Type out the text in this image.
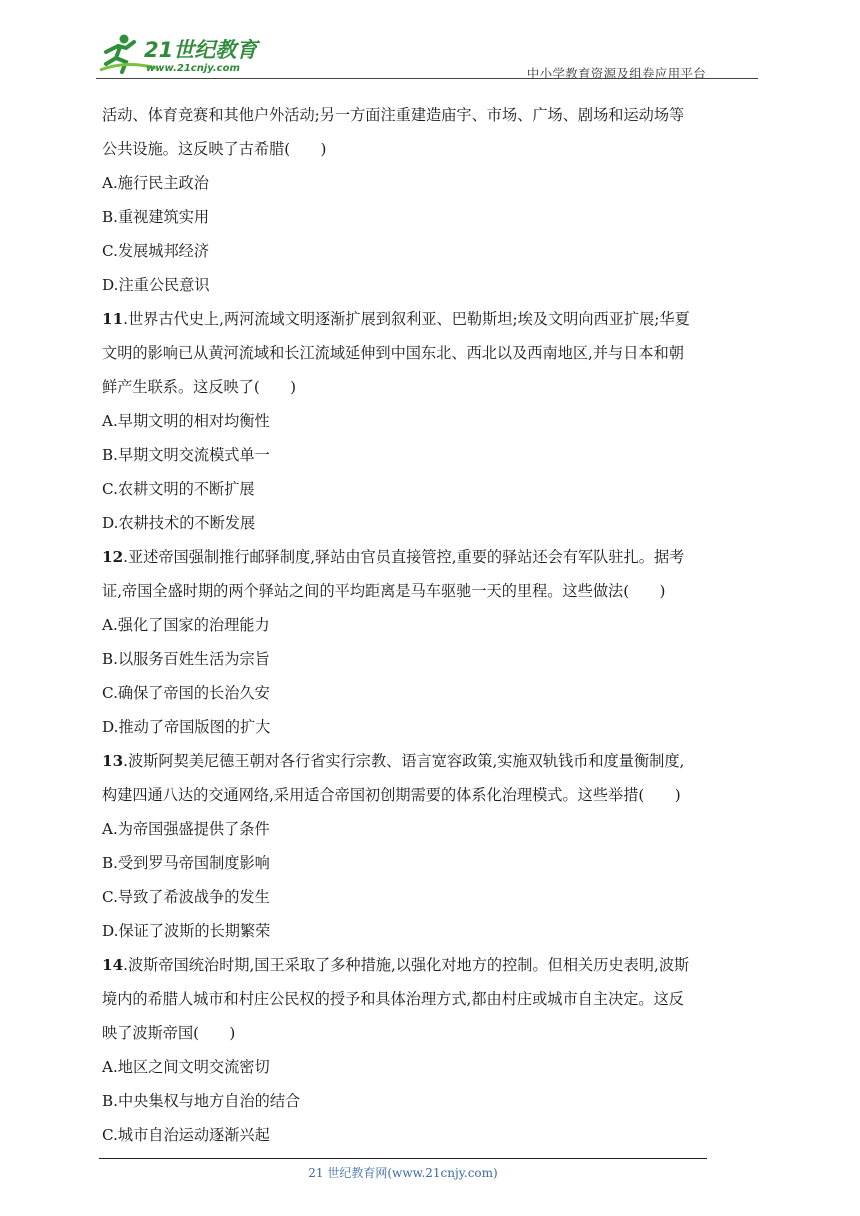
21世纪教育
www.21cnjy.com	中小学教育资源及组卷应用平台

活动、体育竞赛和其他户外活动;另一方面注重建造庙宇、市场、广场、剧场和运动场等

公共设施。这反映了古希腊(　　)

A.施行民主政治

B.重视建筑实用

C.发展城邦经济

D.注重公民意识

11.世界古代史上,两河流域文明逐渐扩展到叙利亚、巴勒斯坦;埃及文明向西亚扩展;华夏

文明的影响已从黄河流域和长江流域延伸到中国东北、西北以及西南地区,并与日本和朝

鲜产生联系。这反映了(　　)

A.早期文明的相对均衡性

B.早期文明交流模式单一

C.农耕文明的不断扩展

D.农耕技术的不断发展

12.亚述帝国强制推行邮驿制度,驿站由官员直接管控,重要的驿站还会有军队驻扎。据考

证,帝国全盛时期的两个驿站之间的平均距离是马车驱驰一天的里程。这些做法(　　)

A.强化了国家的治理能力

B.以服务百姓生活为宗旨

C.确保了帝国的长治久安

D.推动了帝国版图的扩大

13.波斯阿契美尼德王朝对各行省实行宗教、语言宽容政策,实施双轨钱币和度量衡制度,

构建四通八达的交通网络,采用适合帝国初创期需要的体系化治理模式。这些举措(　　)

A.为帝国强盛提供了条件

B.受到罗马帝国制度影响

C.导致了希波战争的发生

D.保证了波斯的长期繁荣

14.波斯帝国统治时期,国王采取了多种措施,以强化对地方的控制。但相关历史表明,波斯

境内的希腊人城市和村庄公民权的授予和具体治理方式,都由村庄或城市自主决定。这反

映了波斯帝国(　　)

A.地区之间文明交流密切

B.中央集权与地方自治的结合

C.城市自治运动逐渐兴起

21 世纪教育网(www.21cnjy.com)
